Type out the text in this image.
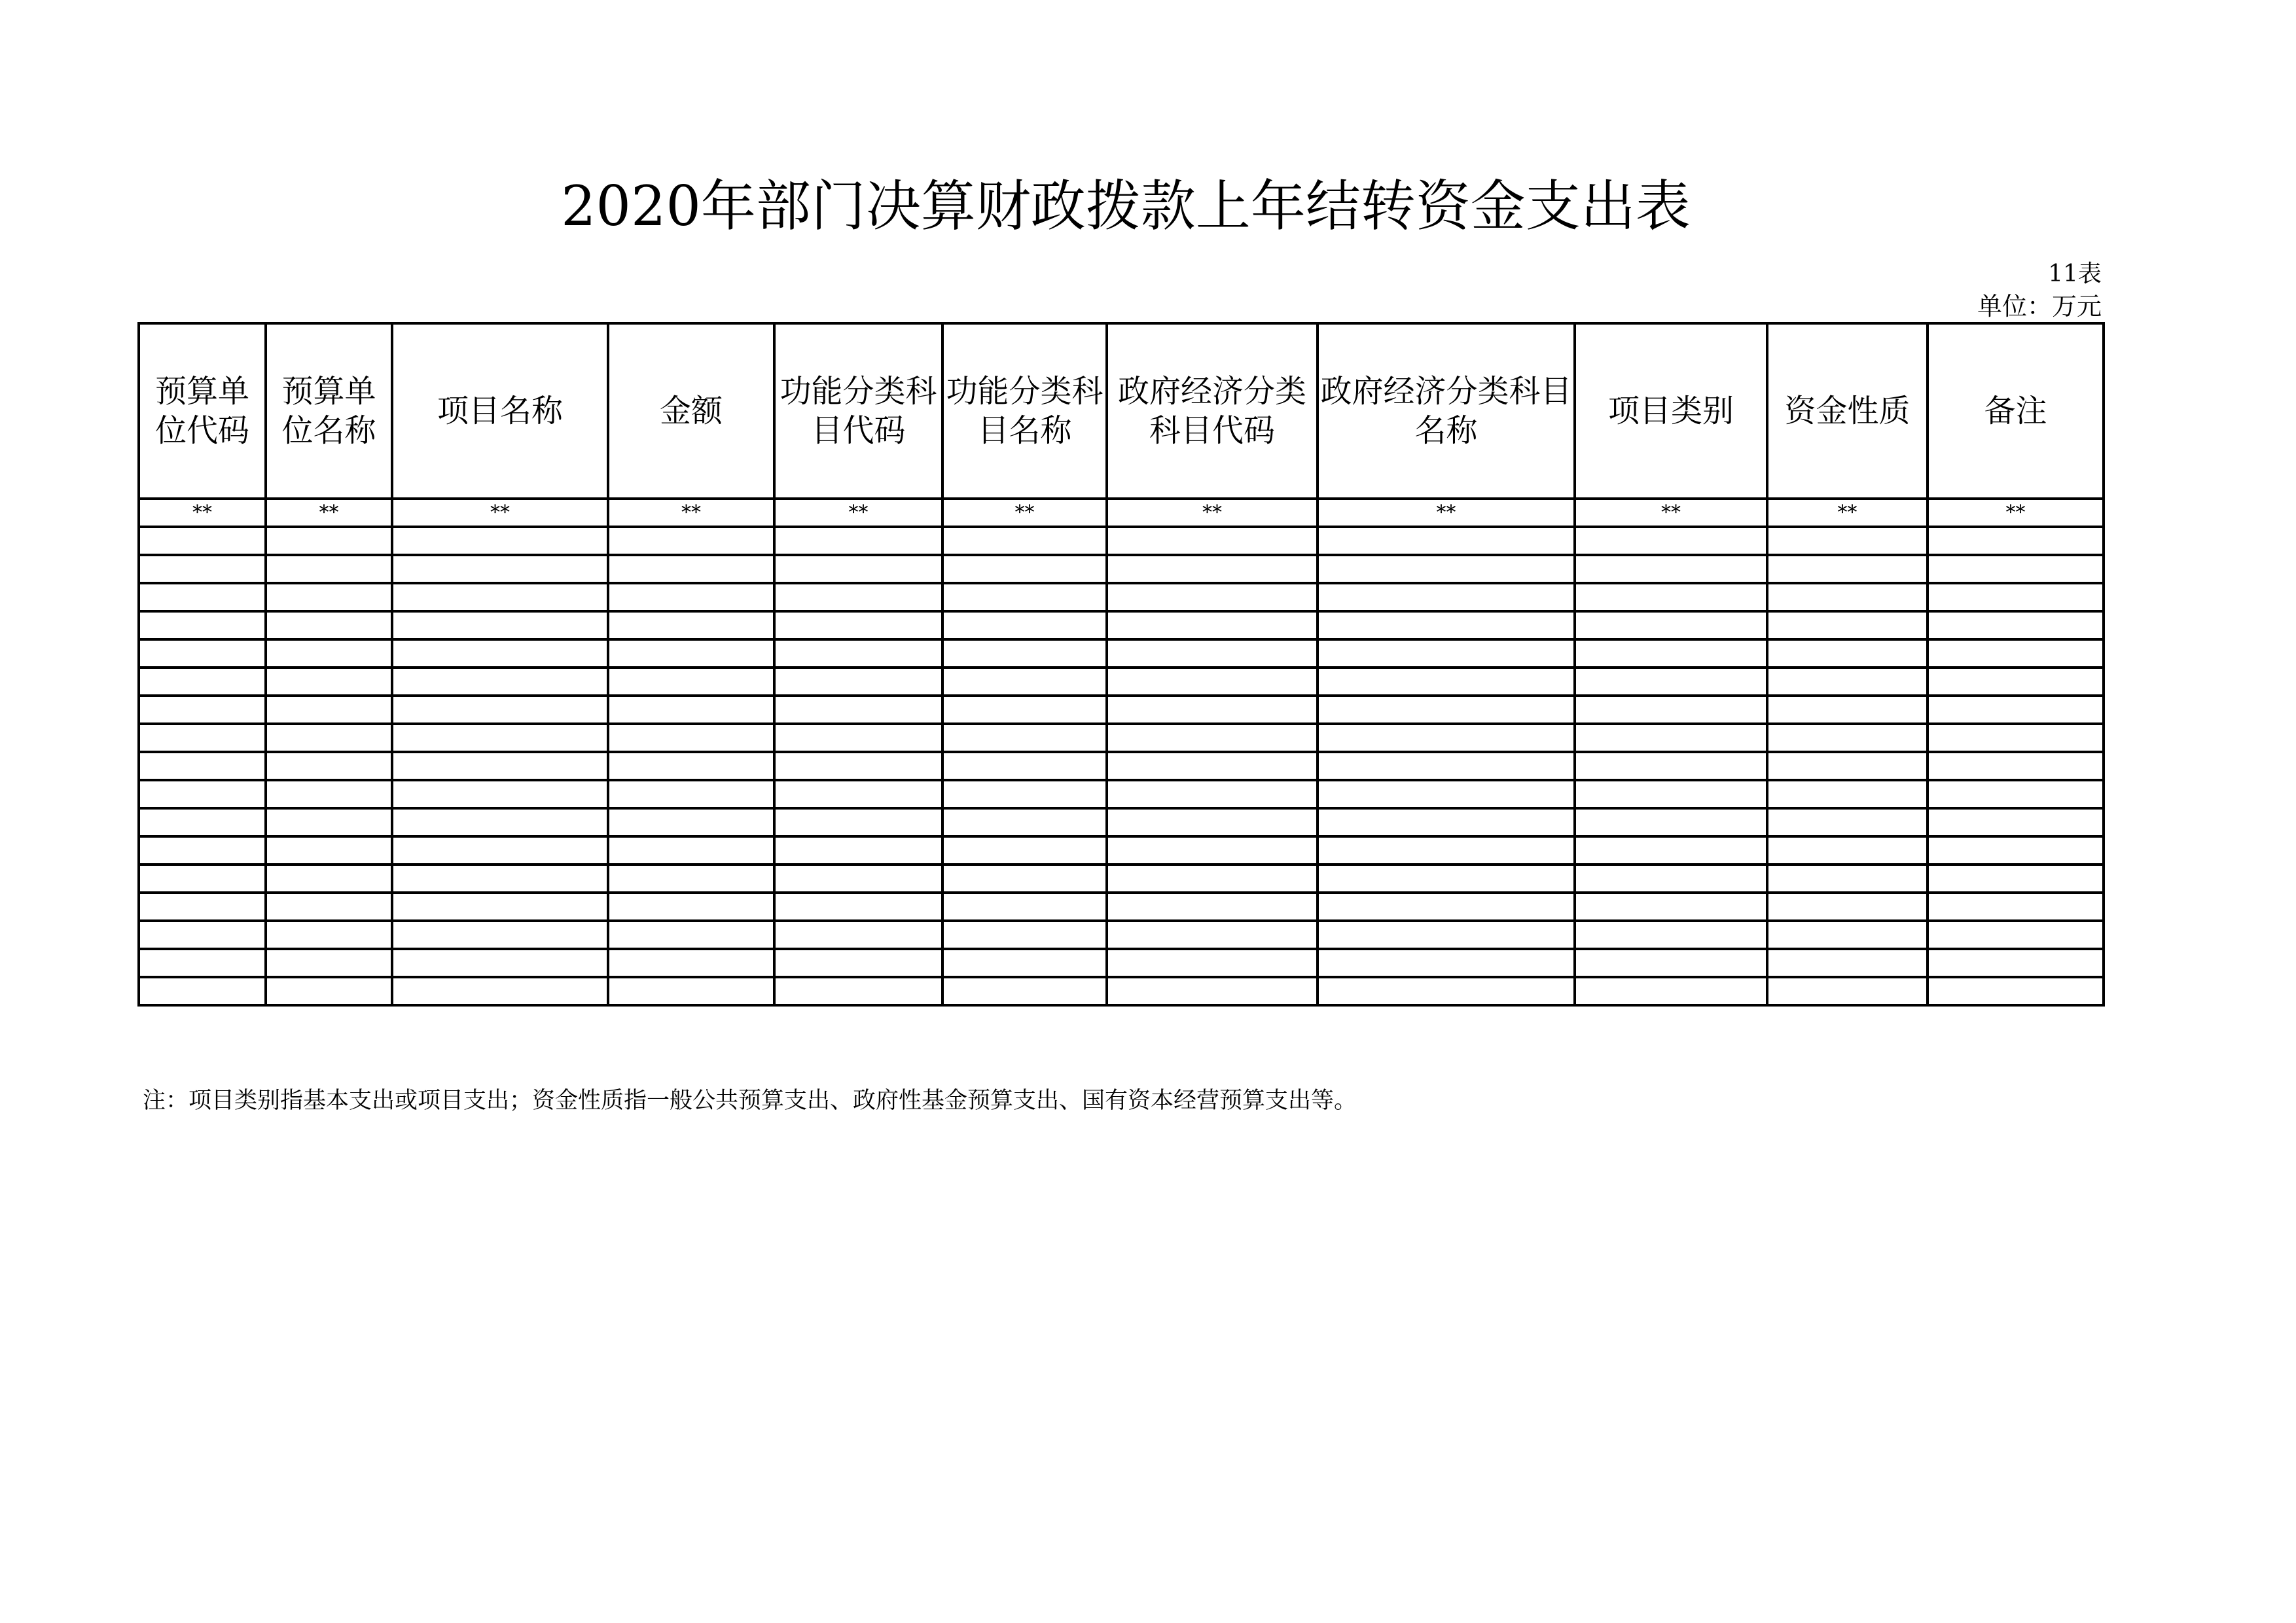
2020年部门决算财政拨款上年结转资金支出表
11表
单位：万元
预算单位代码	预算单位名称	项目名称	金额	功能分类科目代码	功能分类科目名称	政府经济分类科目代码	政府经济分类科目名称	项目类别	资金性质	备注
**	**	**	**	**	**	**	**	**	**	**

注：项目类别指基本支出或项目支出；资金性质指一般公共预算支出、政府性基金预算支出、国有资本经营预算支出等。
